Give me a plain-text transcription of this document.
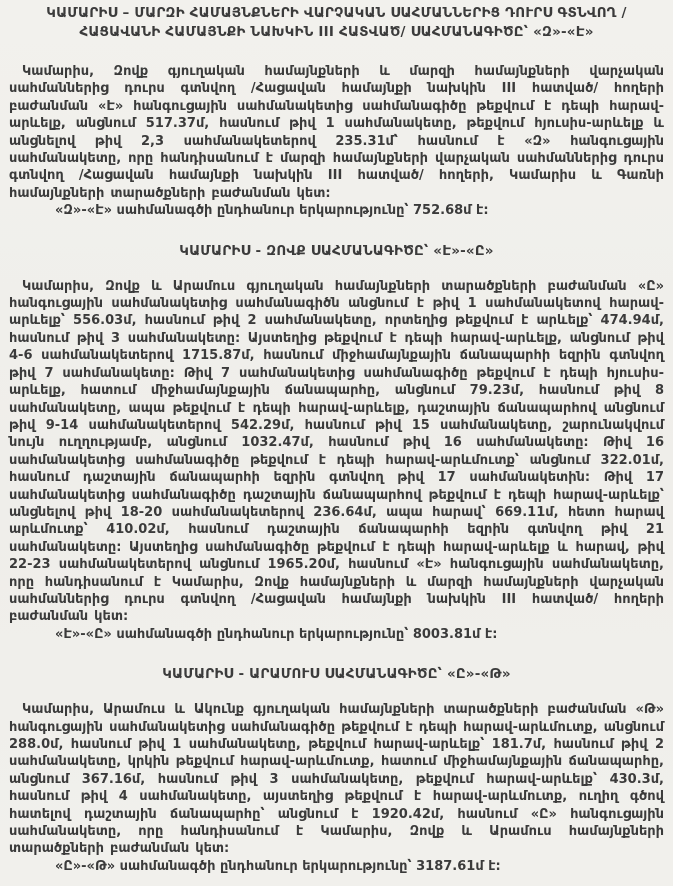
ԿԱՄԱՐԻՍ – ՄԱՐԶԻ ՀԱՄԱՅՆՔՆԵՐԻ ՎԱՐՉԱԿԱՆ ՍԱՀՄԱՆՆԵՐԻՑ ԴՈՒՐՍ ԳՏՆՎՈՂ /ՀԱՑԱՎԱՆԻ ՀԱՄԱՅՆՔԻ ՆԱԽԿԻՆ III ՀԱՏՎԱԾ/ ՍԱՀՄԱՆԱԳԻԾԸ՝ «Զ»-«Է»

Կամարիս, Զովք գյուղական համայնքների և մարզի համայնքների վարչական սահմաններից դուրս գտնվող /Հացավան համայնքի նախկին III հատված/ հողերի բաժանման «Է» հանգուցային սահմանակետից սահմանագիծը թեքվում է դեպի հարավ-արևելք, անցնում 517.37մ, հասնում թիվ 1 սահմանակետը, թեքվում հյուսիս-արևելք և անցնելով թիվ 2,3 սահմանակետերով 235.31մ՝ հասնում է «Զ» հանգուցային սահմանակետը, որը հանդիսանում է մարզի համայնքների վարչական սահմաններից դուրս գտնվող /Հացավան համայնքի նախկին III հատված/ հողերի, Կամարիս և Գառնի համայնքների տարածքների բաժանման կետ:

«Զ»-«Է» սահմանագծի ընդհանուր երկարությունը՝ 752.68մ է:

ԿԱՄԱՐԻՍ - ԶՈՎՔ ՍԱՀՄԱՆԱԳԻԾԸ՝ «Է»-«Ը»

Կամարիս, Զովք և Արամուս գյուղական համայնքների տարածքների բաժանման «Ը» հանգուցային սահմանակետից սահմանագիծն անցնում է թիվ 1 սահմանակետով հարավ-արևելք՝ 556.03մ, հասնում թիվ 2 սահմանակետը, որտեղից թեքվում է արևելք՝ 474.94մ, հասնում թիվ 3 սահմանակետը: Այստեղից թեքվում է դեպի հարավ-արևելք, անցնում թիվ 4-6 սահմանակետերով 1715.87մ, հասնում միջհամայնքային ճանապարհի եզրին գտնվող թիվ 7 սահմանակետը: Թիվ 7 սահմանակետից սահմանագիծը թեքվում է դեպի հյուսիս-արևելք, հատում միջհամայնքային ճանապարհը, անցնում 79.23մ, հասնում թիվ 8 սահմանակետը, ապա թեքվում է դեպի հարավ-արևելք, դաշտային ճանապարհով անցնում թիվ 9-14 սահմանակետերով 542.29մ, հասնում թիվ 15 սահմանակետը, շարունակվում նույն ուղղությամբ, անցնում 1032.47մ, հասնում թիվ 16 սահմանակետը: Թիվ 16 սահմանակետից սահմանագիծը թեքվում է դեպի հարավ-արևմուտք՝ անցնում 322.01մ, հասնում դաշտային ճանապարհի եզրին գտնվող թիվ 17 սահմանակետին: Թիվ 17 սահմանակետից սահմանագիծը դաշտային ճանապարհով թեքվում է դեպի հարավ-արևելք՝ անցնելով թիվ 18-20 սահմանակետերով 236.64մ, ապա հարավ՝ 669.11մ, հետո հարավ արևմուտք՝ 410.02մ, հասնում դաշտային ճանապարհի եզրին գտնվող թիվ 21 սահմանակետը: Այստեղից սահմանագիծը թեքվում է դեպի հարավ-արևելք և հարավ, թիվ 22-23 սահմանակետերով անցնում 1965.20մ, հասնում «Է» հանգուցային սահմանակետը, որը հանդիսանում է Կամարիս, Զովք համայնքների և մարզի համայնքների վարչական սահմաններից դուրս գտնվող /Հացավան համայնքի նախկին III հատված/ հողերի բաժանման կետ:

«Է»-«Ը» սահմանագծի ընդհանուր երկարությունը՝ 8003.81մ է:

ԿԱՄԱՐԻՍ - ԱՐԱՄՈՒՍ ՍԱՀՄԱՆԱԳԻԾԸ՝ «Ը»-«Թ»

Կամարիս, Արամուս և Ակունք գյուղական համայնքների տարածքների բաժանման «Թ» հանգուցային սահմանակետից սահմանագիծը թեքվում է դեպի հարավ-արևմուտք, անցնում 288.0մ, հասնում թիվ 1 սահմանակետը, թեքվում հարավ-արևելք՝ 181.7մ, հասնում թիվ 2 սահմանակետը, կրկին թեքվում հարավ-արևմուտք, հատում միջհամայնքային ճանապարհը, անցնում 367.16մ, հասնում թիվ 3 սահմանակետը, թեքվում հարավ-արևելք՝ 430.3մ, հասնում թիվ 4 սահմանակետը, այստեղից թեքվում է հարավ-արևմուտք, ուղիղ գծով հատելով դաշտային ճանապարհը՝ անցնում է 1920.42մ, հասնում «Ը» հանգուցային սահմանակետը, որը հանդիսանում է Կամարիս, Զովք և Արամուս համայնքների տարածքների բաժանման կետ:

«Ը»-«Թ» սահմանագծի ընդհանուր երկարությունը՝ 3187.61մ է:
